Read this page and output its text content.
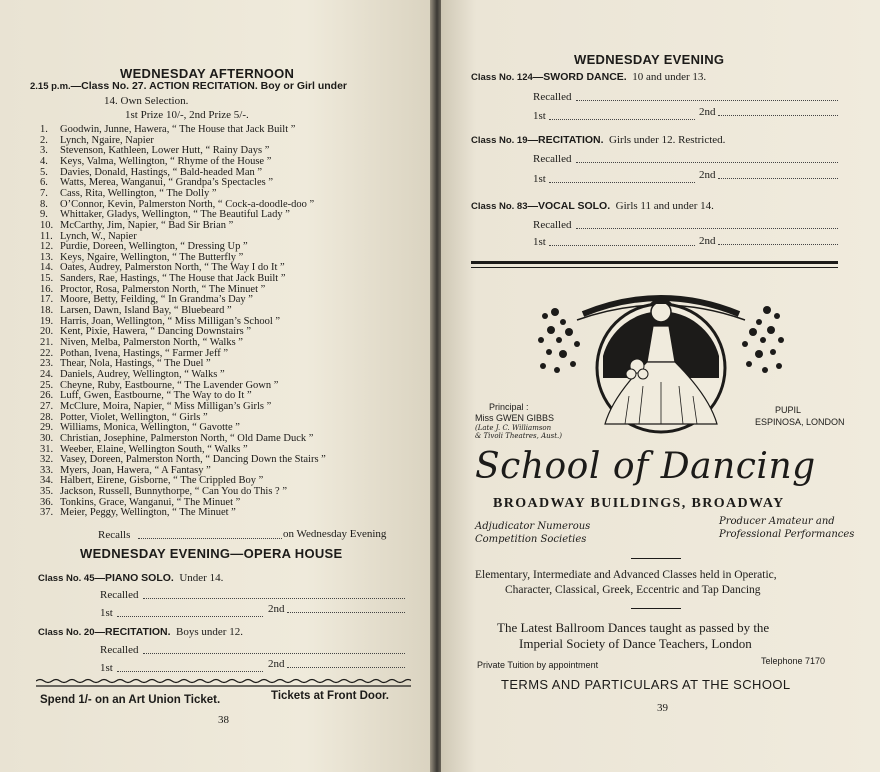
WEDNESDAY AFTERNOON
2.15 p.m.—Class No. 27. ACTION RECITATION. Boy or Girl under
14. Own Selection.
1st Prize 10/-, 2nd Prize 5/-.
1. Goodwin, Junne, Hawera, “ The House that Jack Built ”
2. Lynch, Ngaire, Napier
3. Stevenson, Kathleen, Lower Hutt, “ Rainy Days ”
4. Keys, Valma, Wellington, “ Rhyme of the House ”
5. Davies, Donald, Hastings, “ Bald-headed Man ”
6. Watts, Merea, Wanganui, “ Grandpa’s Spectacles ”
7. Cass, Rita, Wellington, “ The Dolly ”
8. O’Connor, Kevin, Palmerston North, “ Cock-a-doodle-doo ”
9. Whittaker, Gladys, Wellington, “ The Beautiful Lady ”
10. McCarthy, Jim, Napier, “ Bad Sir Brian ”
11. Lynch, W., Napier
12. Purdie, Doreen, Wellington, “ Dressing Up ”
13. Keys, Ngaire, Wellington, “ The Butterfly ”
14. Oates, Audrey, Palmerston North, “ The Way I do It ”
15. Sanders, Rae, Hastings, “ The House that Jack Built ”
16. Proctor, Rosa, Palmerston North, “ The Minuet ”
17. Moore, Betty, Feilding, “ In Grandma’s Day ”
18. Larsen, Dawn, Island Bay, “ Bluebeard ”
19. Harris, Joan, Wellington, “ Miss Milligan’s School ”
20. Kent, Pixie, Hawera, “ Dancing Downstairs ”
21. Niven, Melba, Palmerston North, “ Walks ”
22. Pothan, Ivena, Hastings, “ Farmer Jeff ”
23. Thear, Nola, Hastings, “ The Duel ”
24. Daniels, Audrey, Wellington, “ Walks ”
25. Cheyne, Ruby, Eastbourne, “ The Lavender Gown ”
26. Luff, Gwen, Eastbourne, “ The Way to do It ”
27. McClure, Moira, Napier, “ Miss Milligan’s Girls ”
28. Potter, Violet, Wellington, “ Girls ”
29. Williams, Monica, Wellington, “ Gavotte ”
30. Christian, Josephine, Palmerston North, “ Old Dame Duck ”
31. Weeber, Elaine, Wellington South, “ Walks ”
32. Vasey, Doreen, Palmerston North, “ Dancing Down the Stairs ”
33. Myers, Joan, Hawera, “ A Fantasy ”
34. Halbert, Eirene, Gisborne, “ The Crippled Boy ”
35. Jackson, Russell, Bunnythorpe, “ Can You do This ? ”
36. Tonkins, Grace, Wanganui, “ The Minuet ”
37. Meier, Peggy, Wellington, “ The Minuet ”
Recalls	on Wednesday Evening
WEDNESDAY EVENING—OPERA HOUSE
Class No. 45—PIANO SOLO. Under 14.
Recalled
1st	2nd
Class No. 20—RECITATION. Boys under 12.
Recalled
1st	2nd
Spend 1/- on an Art Union Ticket.	Tickets at Front Door.
38
WEDNESDAY EVENING
Class No. 124—SWORD DANCE. 10 and under 13.
Recalled
1st	2nd
Class No. 19—RECITATION. Girls under 12. Restricted.
Recalled
1st	2nd
Class No. 83—VOCAL SOLO. Girls 11 and under 14.
Recalled
1st	2nd
Principal :
Miss GWEN GIBBS
(Late J. C. Williamson
& Tivoli Theatres, Aust.)
PUPIL
ESPINOSA, LONDON
School of Dancing
BROADWAY BUILDINGS, BROADWAY
Adjudicator Numerous
Competition Societies
Producer Amateur and
Professional Performances
Elementary, Intermediate and Advanced Classes held in Operatic,
Character, Classical, Greek, Eccentric and Tap Dancing
The Latest Ballroom Dances taught as passed by the
Imperial Society of Dance Teachers, London
Private Tuition by appointment	Telephone 7170
TERMS AND PARTICULARS AT THE SCHOOL
39
